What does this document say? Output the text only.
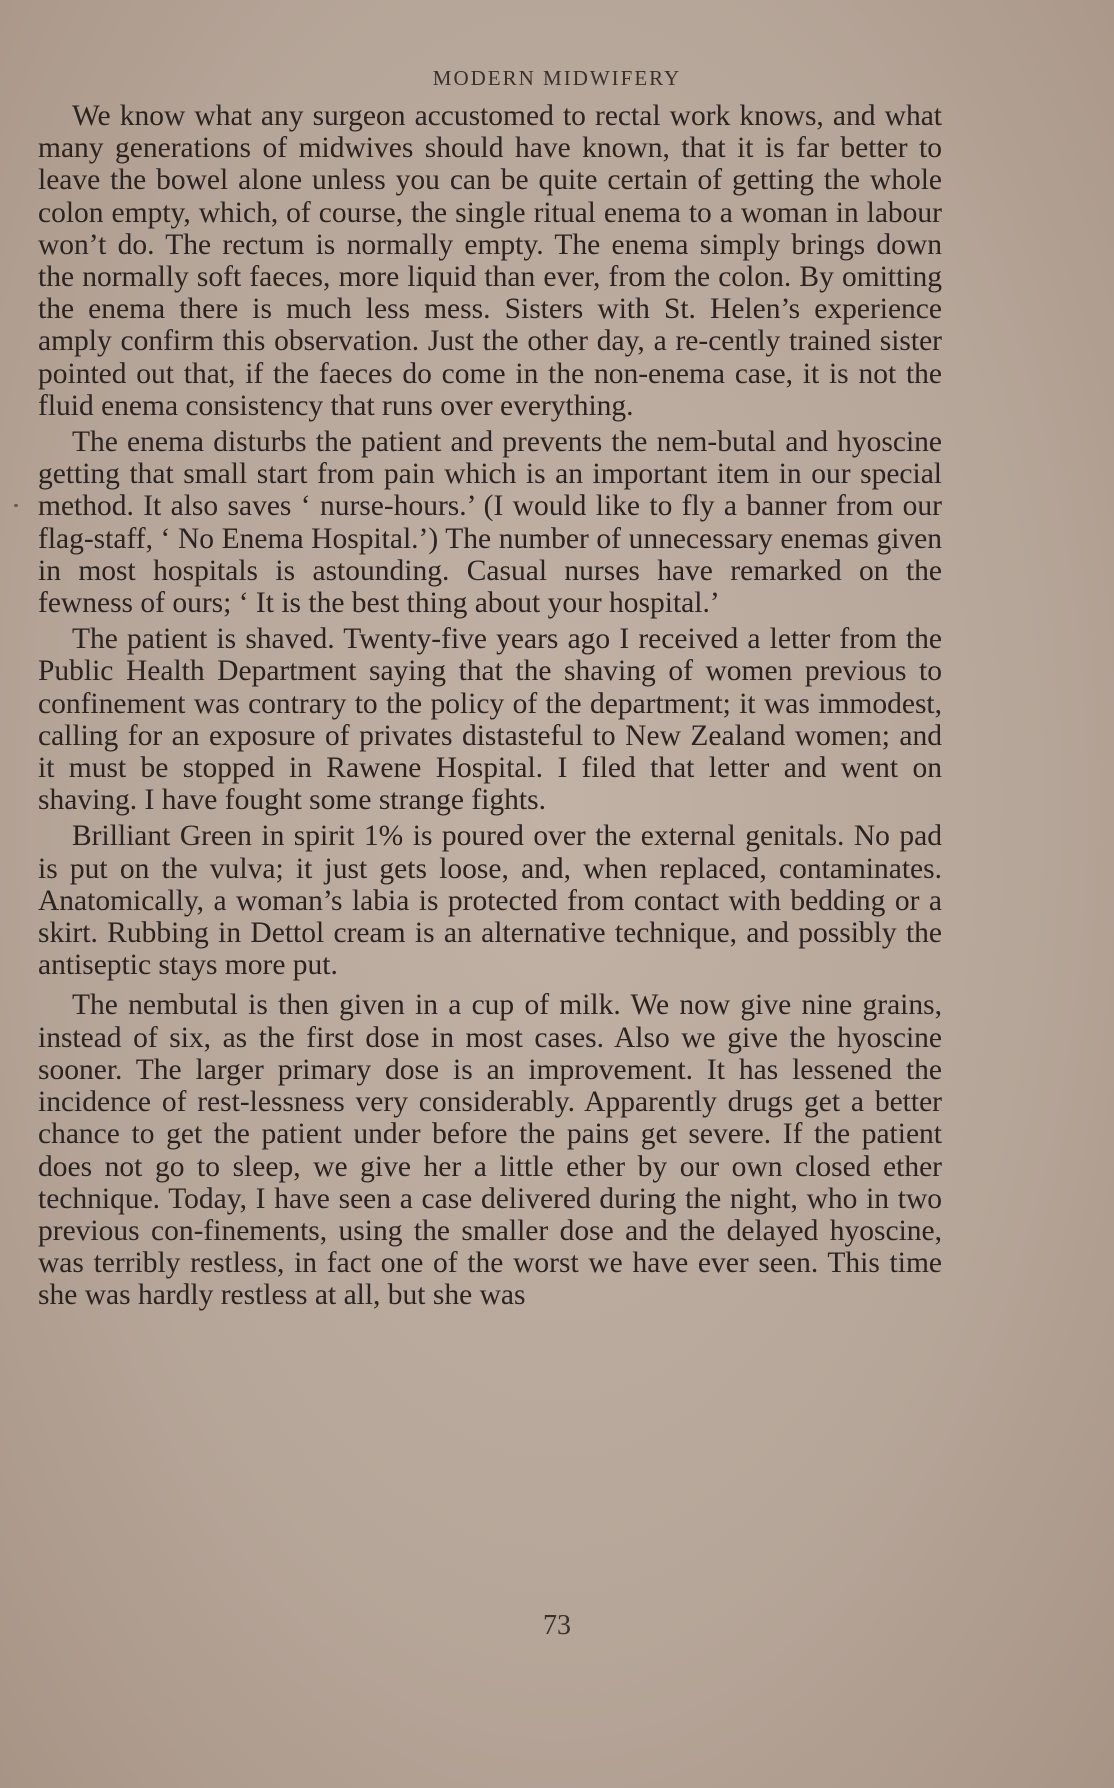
MODERN MIDWIFERY

We know what any surgeon accustomed to rectal work knows, and what many generations of midwives should have known, that it is far better to leave the bowel alone unless you can be quite certain of getting the whole colon empty, which, of course, the single ritual enema to a woman in labour won’t do. The rectum is normally empty. The enema simply brings down the normally soft faeces, more liquid than ever, from the colon. By omitting the enema there is much less mess. Sisters with St. Helen’s experience amply confirm this observation. Just the other day, a re-cently trained sister pointed out that, if the faeces do come in the non-enema case, it is not the fluid enema consistency that runs over everything.

The enema disturbs the patient and prevents the nem-butal and hyoscine getting that small start from pain which is an important item in our special method. It also saves ‘ nurse-hours.’ (I would like to fly a banner from our flag-staff, ‘ No Enema Hospital.’) The number of unnecessary enemas given in most hospitals is astounding. Casual nurses have remarked on the fewness of ours; ‘ It is the best thing about your hospital.’

The patient is shaved. Twenty-five years ago I received a letter from the Public Health Department saying that the shaving of women previous to confinement was contrary to the policy of the department; it was immodest, calling for an exposure of privates distasteful to New Zealand women; and it must be stopped in Rawene Hospital. I filed that letter and went on shaving. I have fought some strange fights.

Brilliant Green in spirit 1% is poured over the external genitals. No pad is put on the vulva; it just gets loose, and, when replaced, contaminates. Anatomically, a woman’s labia is protected from contact with bedding or a skirt. Rubbing in Dettol cream is an alternative technique, and possibly the antiseptic stays more put.

The nembutal is then given in a cup of milk. We now give nine grains, instead of six, as the first dose in most cases. Also we give the hyoscine sooner. The larger primary dose is an improvement. It has lessened the incidence of rest-lessness very considerably. Apparently drugs get a better chance to get the patient under before the pains get severe. If the patient does not go to sleep, we give her a little ether by our own closed ether technique. Today, I have seen a case delivered during the night, who in two previous con-finements, using the smaller dose and the delayed hyoscine, was terribly restless, in fact one of the worst we have ever seen. This time she was hardly restless at all, but she was

73
